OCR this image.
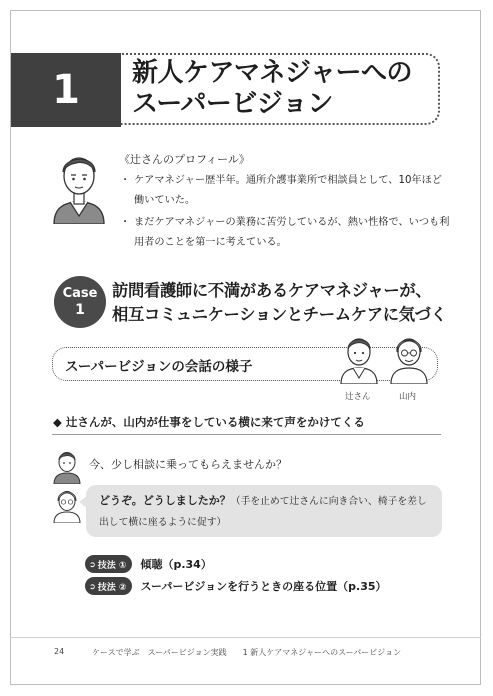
1	新人ケアマネジャーへの
スーパービジョン
《辻さんのプロフィール》
・ ケアマネジャー歴半年。通所介護事業所で相談員として、10年ほど働いていた。
・ まだケアマネジャーの業務に苦労しているが、熱い性格で、いつも利用者のことを第一に考えている。
Case
1
訪問看護師に不満があるケアマネジャーが、
相互コミュニケーションとチームケアに気づく
スーパービジョンの会話の様子
辻さん	山内
◆ 辻さんが、山内が仕事をしている横に来て声をかけてくる
今、少し相談に乗ってもらえませんか？
どうぞ。どうしましたか？（手を止めて辻さんに向き合い、椅子を差し出して横に座るように促す）
➲ 技法 ① 傾聴（p.34）
➲ 技法 ② スーパービジョンを行うときの座る位置（p.35）
24	ケースで学ぶ　スーパービジョン実践　　1 新人ケアマネジャーへのスーパービジョン
